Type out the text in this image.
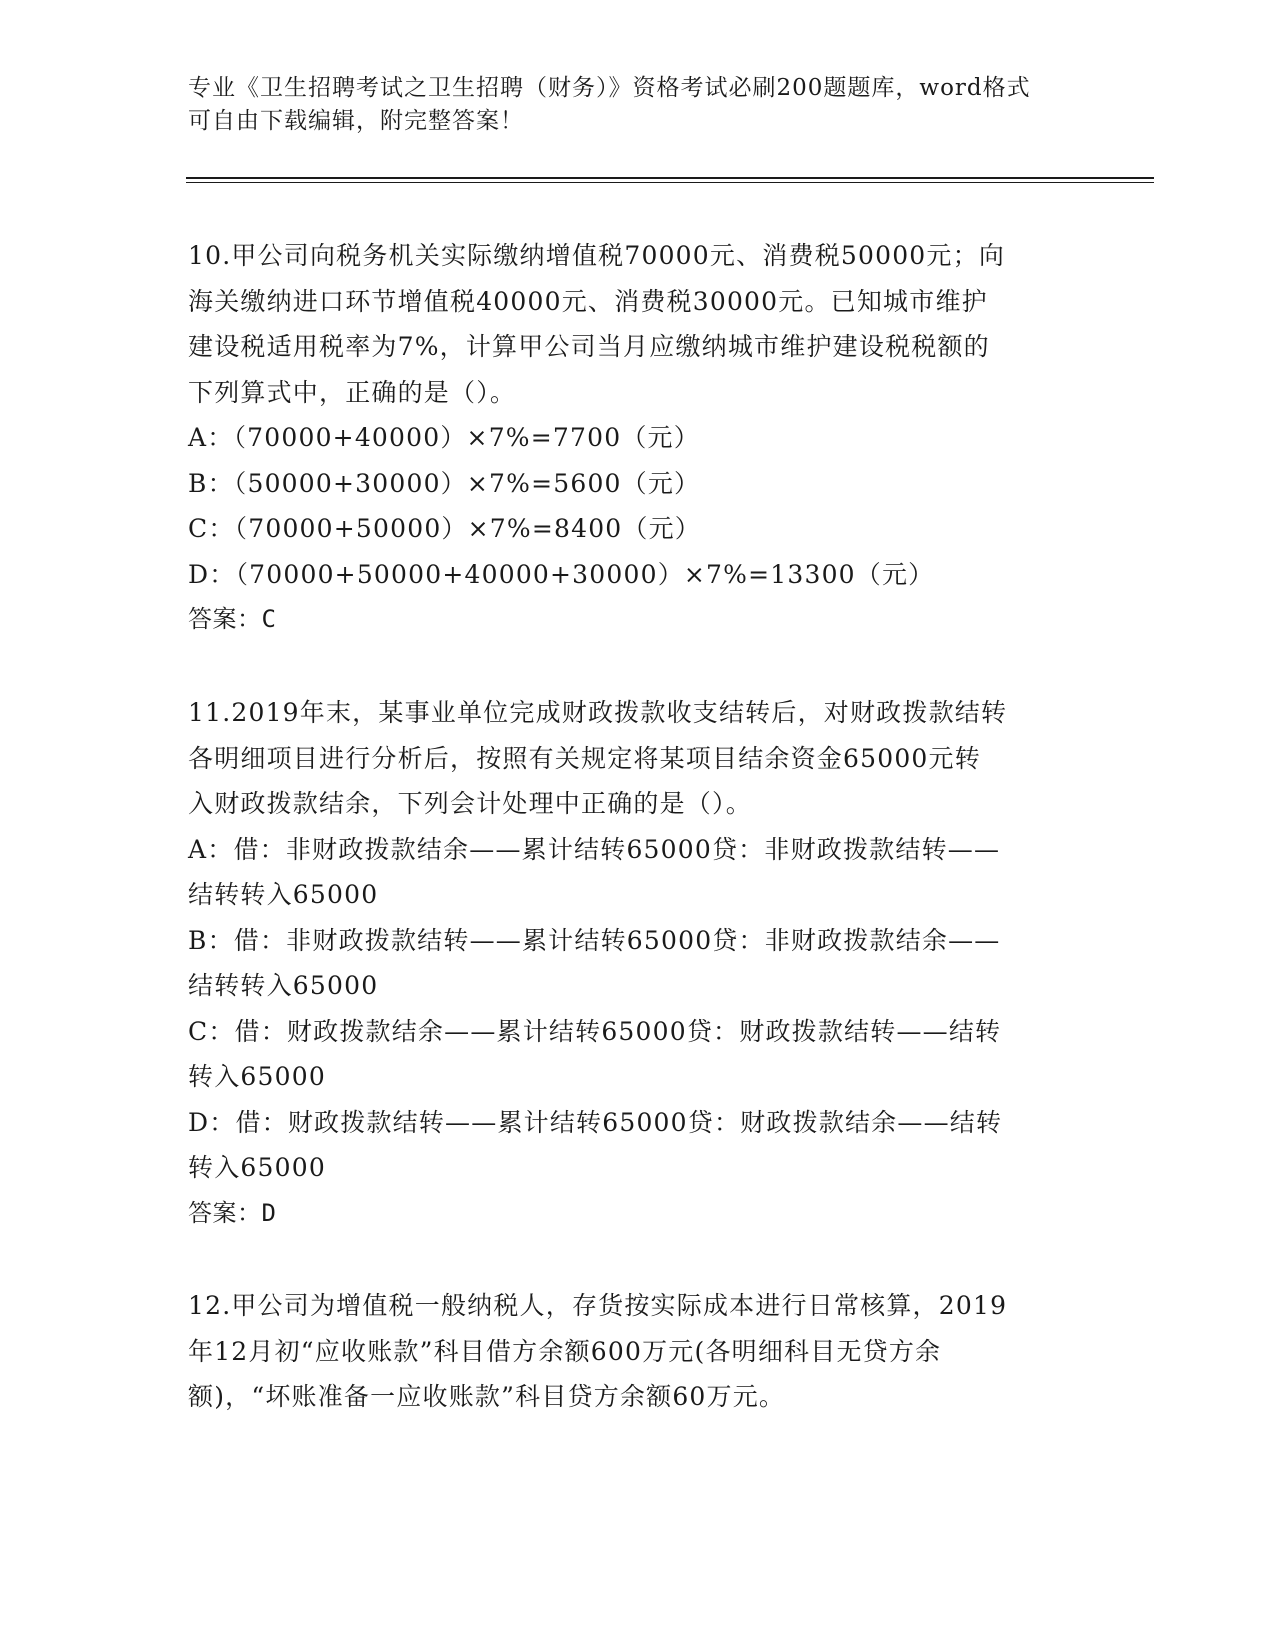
专业《卫生招聘考试之卫生招聘（财务）》资格考试必刷200题题库，word格式
可自由下载编辑，附完整答案！
10.甲公司向税务机关实际缴纳增值税70000元、消费税50000元；向
海关缴纳进口环节增值税40000元、消费税30000元。已知城市维护
建设税适用税率为7%，计算甲公司当月应缴纳城市维护建设税税额的
下列算式中，正确的是（）。
A：（70000+40000）×7%=7700（元）
B：（50000+30000）×7%=5600（元）
C：（70000+50000）×7%=8400（元）
D：（70000+50000+40000+30000）×7%=13300（元）
答案：C
11.2019年末，某事业单位完成财政拨款收支结转后，对财政拨款结转
各明细项目进行分析后，按照有关规定将某项目结余资金65000元转
入财政拨款结余，下列会计处理中正确的是（）。
A：借：非财政拨款结余——累计结转65000贷：非财政拨款结转——
结转转入65000
B：借：非财政拨款结转——累计结转65000贷：非财政拨款结余——
结转转入65000
C：借：财政拨款结余——累计结转65000贷：财政拨款结转——结转
转入65000
D：借：财政拨款结转——累计结转65000贷：财政拨款结余——结转
转入65000
答案：D
12.甲公司为增值税一般纳税人，存货按实际成本进行日常核算，2019
年12月初“应收账款”科目借方余额600万元(各明细科目无贷方余
额)，“坏账准备一应收账款”科目贷方余额60万元。
